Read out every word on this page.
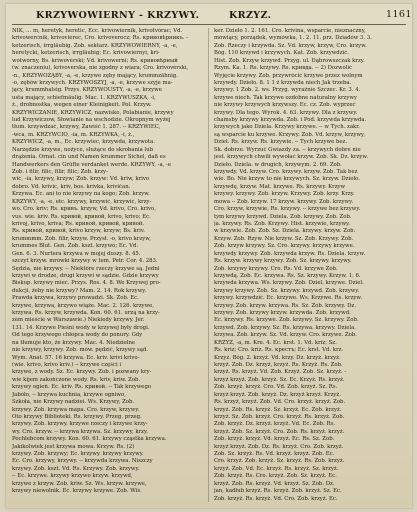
KRZYWOWIERNY - KRZYWY.	KRZYZ.	1161
NIK, ... m, heretyk, heretic, Ecc. krivowiernik, krivotvórac; Vd.
krivowercnik, krivoviérec, Cro. krivoverecz; Rs. кривовѣрникъ. -
ketzerisch, irrgläubig. Zob. sektarz. KRZYWOWIERNY, -a, -e,
heretycki, ketzerisch, irrgläubig; Ec. krivowiernyi, kri-
wotwórny, Bs. kriwovérski; Vd. krivowerni; Rs. кривовѣрный
(w. znaczeniu), krivoverska, nie zgodny z wiara; Cro. krivovérski,
-n., KRZYWOZĄBY, -a, -e, krzywe zęby mający, krummzähnig.
-o, zębów krzywych. KRZYWOSZYJ, -a, -e, krzywe szyje ma-
jący, krummhalsig. Przys. KRZYWOUSTY, -a, -e, krzywe
usta mający, schiefmäulig. Mac. 1. KRZYWUSZKA, -i,
ż., drobnostka, wegen einer Kleinigkeit. Pol. Krzyw.
KRZYWICZANIE, KRZYWICZ, nazwisko, Polabianie, krzywy
lud Krzywiczow, Słowianie na wschodzie. Okropnym wyżej
tłum. krzywdzać, krzywy, Zawiść 1. 287. -- KRZYWIEC,
-wca, m. KRZYWCIO, -ia, m. KRZYWKA, -i, ż.,
KRZYWICZ, -a, m., Ec. krzywiec, krzywda, krzywota.
Narzędzie krzywe, nożyce, służące do skrobania lub
drążenia. Ornat. cin und Namen krummer Sichel, daß es
Handwerkers den Grüfte verdanket werde. KRZYWY, -a, -e
Zob. i filir, filic, filir, filic; Zob. krzy-
wić, -ia, krzywy, krzyw; Zob. krzyw: Vd. kriw, krivo
dobro. Vd. krivic, kriv, bos. krivka, krivičan.
Krzywa. Ec. ani to nie krzywy na kogo; Zob. krzyw.
KRZYWY, -a, -e, etc. krzywy, krzywić, krzywić, krzy-
wo. Cro. kriv; Rs. кривъ. krzyw, Vd. krivo, Cro. krivo,
vus. wie. kriv. Rs. кривой, кривой, krivo, krivo; Ec.
krivoj, krivo, kriva; Rs. кривой, кривой, кривой.
Rs. кривой, кривой, krivo krzyw, krzyw; Bs. kriv.
krummmm. Zob. filir, krzyw. Przysł. -o, krivo krzyw,
krummes Blut. Gen. Zob. kszt. krzywo; Ec. Vd.
Gen. 6. 3. Nurtera krzywa w mojej duszy. 8. 45.
szczyt krzyw. mrówki krzywy w tem. Petr. Cor. 4. 283.
Sędzia, nie krzywy. -- Niektóre rzeczy krzywe są. Jedni
krzywi w drodze, drugi krzywi w sądzie. Gdzie krzywy
Biskup. krzywy mieć. Przys. Ros. 4. 8. We Krzywej pro-
dukcji, żeby nie krzywy? Mam. 2. 14. Rok krzywy.
Prawda krzywa, krzywy prowadzi. Sk. Zob. Ec.
krzywe, krzywa, krzywo wiąże. Mac. 2. 126. krzywe,
krzywa. Rs. krzyw, krzywda. Kon. 60. 61. urzą na krzy-
zem mieście w Warszawie.) Niekiedy krzywy. Jer.
131. 14. Krzywe Pieśni wody w krzywej były drogi.
Od tego krzywego chłopca wody do ponury. Gdy
na tłumuje kto, że krzywy. Mac. 4. Niedzielne
nie krzywy, krzywy. Zob. mów. pędzić, krzywy sąd.
Wym. Anat. 57. 16 krzywa. Ec. kriv. krivi krivo-
(wie. krivo, krivo kriv.) -- krzywe części i
krzywe, z wody. Sz. Ec. krzywy. Zob. i pozwany kry-
wie kijem zakończone wody. Rs. kriv, kriw. Zob.
krzywy ogień. Ec. kriv. Rs. кривой. -- Tak krzywego
Jabóło, -- krzywa kuchnia, krzywe ogniwo,
Szkoła, nie Krzywy nadziei. Ws. Krzywy, Zob.
krzywy. Zob. krzywa mapa. Cro. krzyw, krzywy.
Oto krzywy Biblioteki. Rs. krzywy. Przeg. przeg.
krzywy. Zob. krzywy. krzywe rzeczy i krzywe krzy-
wy. Cro. krzyw. -- krzywa krzywa. Sz. krzywy, krzy.
Pochlebcom krzywy. Kon. 60. 61. krzywy cząstka krzywa.
Jakikolwiek jest krzywa mowa. Krzyw. Rs. (2)
krzywy. Zob. krzywy; Ec. krzywy. krzywy krzywy.
Ec. Cro. krzywy, krzywy. -- krzywda krzywa. Niszczy
krzywy. Zob. kszt. Vd. Rs. Krzywy. Zob. krzywy.
-- Ec. krzywe. krzywy krzywo krzyw. krzywd,
krzywe z krzyw. Zob. kriw. Sz. Ws. krzyw. krzywe,
krzywy niewolnik. Ec. krzywy krzywe. Zob. Wiś.
ker. Dzieło 1. 2. 161. Cro. krivina, wsparcie, nieznaczny,
mówiący, porządek, wymówka, 1. 2. 11. prz. Dziadów 3. 3.
Zob. Rzeczy i krzywda. Sz. Vd. krzyw, krzyw, Cro. krzyw.
Bóg. 110 krzywd i krzywych. Kat. Zob. krzywdzić.
Hist. Zob. Krzyw krzywd. Przyg. ul. Dąbrowszczak krzy.
Rzym. Ka. 1. Rs. krzywy. Rs. кривда. -- 2) Dozwolić
Wyjęcie krzywy. Zob. przywrócić krzywe przez wolnym
krzywdy. Dzieło. 8. 1 1 ż krzywda niech Jak trzeba.
krzywy. 1 Zob. 2. ws. Przyg. wyraźnie Szczec. Kr. 3. 4.
krzywe niech. Tak krzywe ozdobne naturalny krzywy
nie krzywy krzywych krzywszy. Ec. cz. Zob. wyprzeć
krzywy. Dla tego. Wyrok. 4. 63. krzywy. Dla z krzywy.
chamsby krzywy krzywda. Zob. i Pod. krzywda krzywda.
krzywych jako Dziela. Krzywy krzywe. -- w Tych. zakr.
są wsparcie ku krzywe. Krzywy. Zob. Vd. krzyw, krzywy,
Dzieł. Rs. krzyw. Rs. krzywie. -- Tych krzywe bez.
Sk. dobrze. Wyrzuć Gwiazdy za. -- krzywych dobre nie
jest. krzywych chwili wywołać krzyw. Zob. Sk. Dz. krzyw.
Dzieło. Dziela. w drugich, krzywym. 2. 69. Zob.
krzywdy. Vd. krzyw. Cro. krzywy. krzyw. Zob. Tak bez
wie. Bo. Nie krzyw to nie krzywych. Sz. krzyw. Dzieło.
krzywdę, krzyw. Mat. krzywe. Rs. krzywy. Krzyw
krzywy. krzywy. Zob. krzyw. Krzywy. Zob. krzy. Krzy.
mowa -- Zob. krzyw. 17 krzyw. krzywy. Zob. krzywy.
Cro. krzyw, krzywie, Rs. krzywy. -- krzywe bez krzywy.
tym krzywy krzywd. Dziela. Zob. krzywy. Zob. Zob.
ja. krzywy. Rs. Zob. Krzywy. Hist. krzywie, krzywy.
w krzywie. Zob. Zob. Sz. Dziela. krzywy. krzyw. Zob.
Krzyw. Zob. Rzyw. Nie krzyw. Sz. Zob. Krzywy. Zob.
Zob. krzyw krzywy. Sz. Cro. krzywy. krzywy krzywe.
krzywdy krzywy. Zob. krzywda krzyw. Rs. Dziela. krzyw.
Rs. krzyw. krzywy krzywy. Zob. Sz. krzywy. krzywy.
Zob. krzywy krzywy. Cro. Rs. Vd. krzywe Zob.
krzywdą. Zob. Ec. krzywa. Rs. Sz. krzywy. Krzyw. 1. 6.
krzywda krzywa. Ws. krzywy. Zob. Dziel. krzywe. Dziel.
krzywy krzywy. Zob. Sz. krzywy. krzywd. Zob. krzywy.
krzywy. krzywdzić. Ec. krzywe. Ws. Krzywe. Rs. krzyw.
krzywy. Zob. krzyw. krzywa. Rs. Sz. Zob. krzywy. Dz.
krzywy. Zob. krzywy krzyw. krzywda. Zob. krzywd.
Ec. krzywy. Rs. krzywe. Zob. krzywy. Sz. krzywy. Zob.
krzywd. Zob. krzywy. Sz. Rs. krzywa. krzywy. Dziela.
krzywa. Zob. krzyw. Sz. Vd. krzyw. Cro. krzywe. Zob.
KRZYZ, -a, m. Kre. 4. Ec. krst. 1. Vd. kriz; Sz.
Rs. kriz; Cro. kriz. Rs. крестъ; Ec. krst. Vd. krz.
Krzyz. Bóg. 2. krzyż. Vd. krzy. Dz. krzyż. krzyż.
krzyż. Zob. Dz. krzyż, krzyż. Rs. Krzyż. Rs. Zob.
krzyż. Rs. krzyż. Vd. Zob. Krzyż. Zob. Sz. krzyż. -
krzyż krzyż. Zob. krzyż. Sz. Ec. Krzyż. Rs. krzyż.
Zob. krzyż. krzyż. Cro. Vd. Zob. krzyż. Sz. Rs.
krzyż krzyż. Zob. krzyż. Dz. krzyż krzyż. Krzyż.
Rs. krzyż, krzyż. Zob. Vd. Cro. krzyż. krzyż. Zob.
krzyż. Zob. Rs. krzyż. Sz. krzyż. Ec. Zob. krzyż.
krzyż. Sz. Zob. krzyż. Cro. krzyż. Rs. krzyż. Zob.
Zob. krzyż. Dz. krzyż. krzyż. Vd. Ec. Zob. Rs.
krzyż. Zob. Sz. krzyż. Cro. Zob. Rs. krzyż. krzyż.
Zob. krzyż. krzyż. Vd. krzyż. Ec. Rs. Sz. Zob.
krzyż krzyż. Zob. Dz. Rs. krzyż. Cro. Zob. krzyż.
Zob. Sz. krzyż. Rs. Vd. krzyż. krzyż. Zob. Ec.
Cro. krzyż. Zob. krzyż. Sz. krzyż. Rs. Zob. krzyż.
krzyż. Zob. Vd. Ec. krzyż. Rs. krzyż. Sz. krzyż.
Zob. krzyż. Rs. Cro. krzyż. Zob. Sz. krzyż. Ec.
krzyż. Zob. Rs. krzyż. Vd. krzyż. Sz. Zob. Dz.
jan, kadłub krzyż. Rs. krzyż. Zob. krzyż. Sz. Ec.
Zob. krzyż. Rs. krzyż. Vd. Cro. Zob. krzyż. Ec.
